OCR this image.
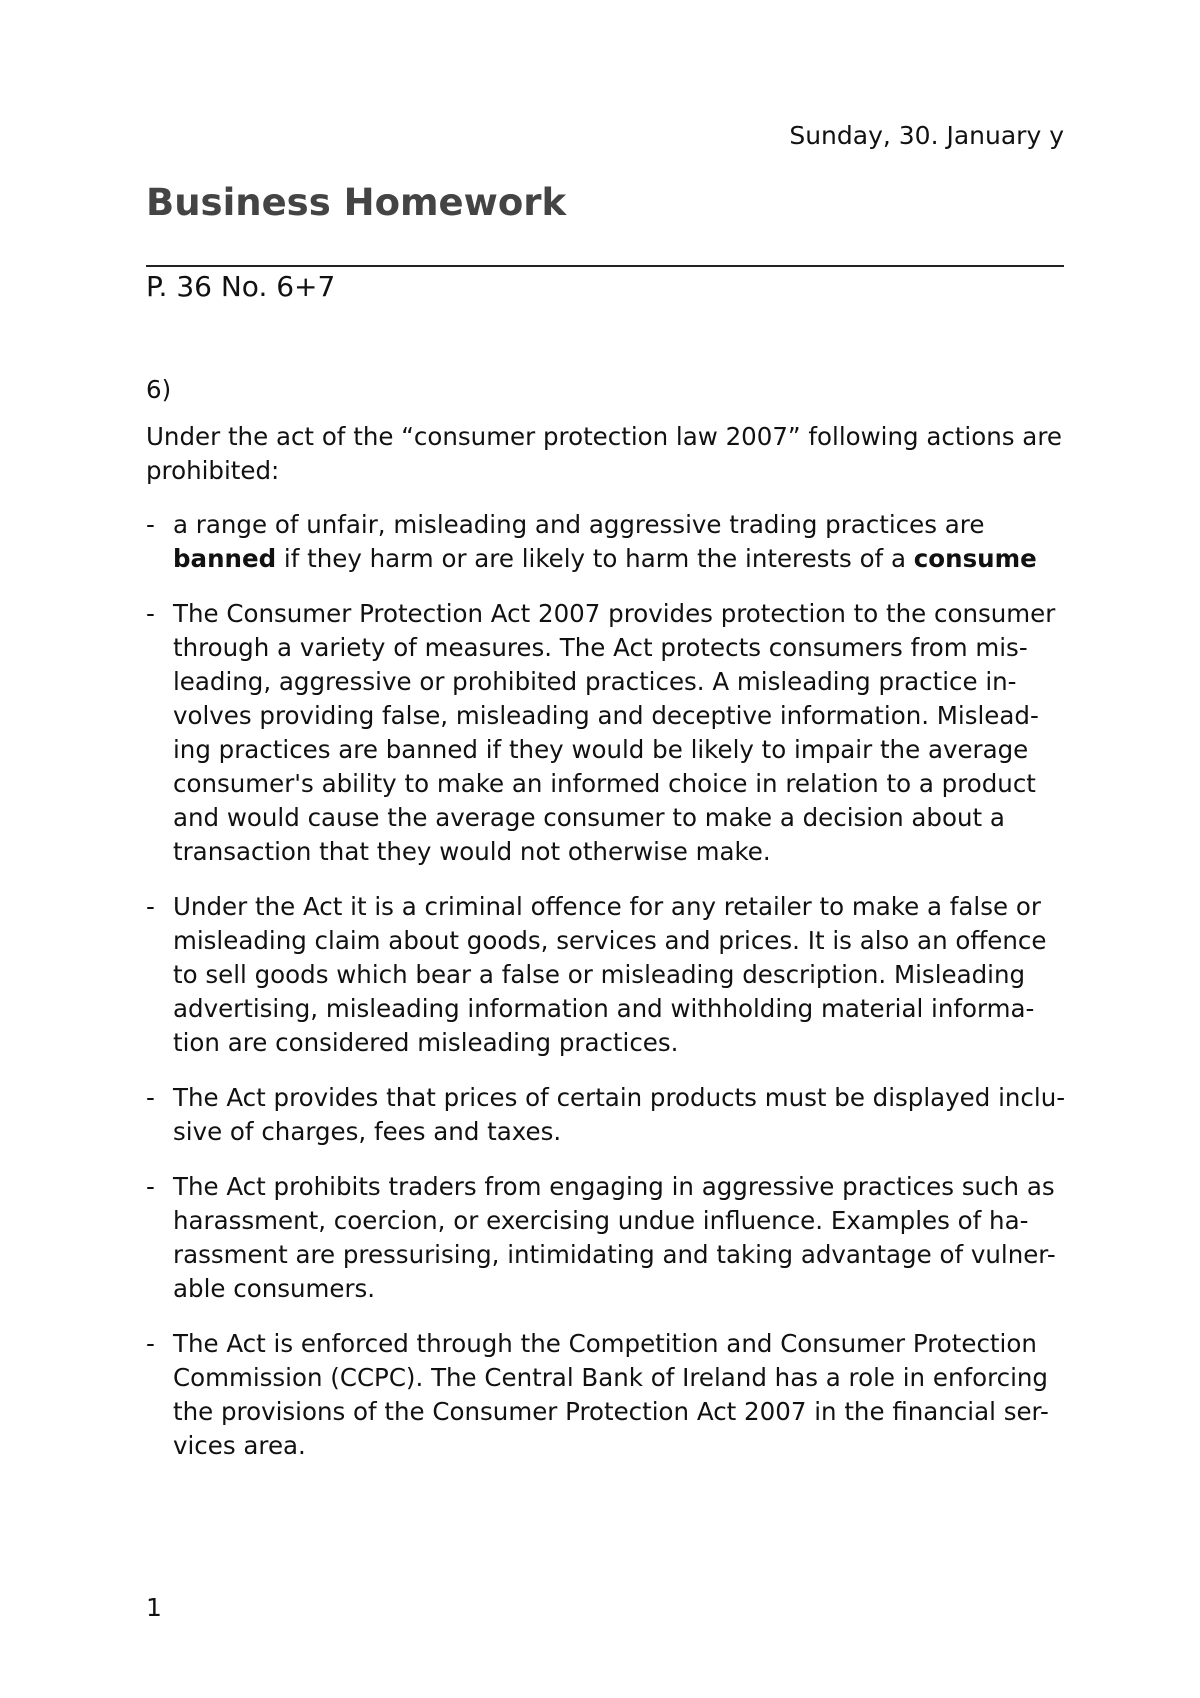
Sunday, 30. January y
Business Homework
P. 36 No. 6+7
6)
Under the act of the “consumer protection law 2007” following actions are prohibited:
- a range of unfair, misleading and aggressive trading practices are banned if they harm or are likely to harm the interests of a consume
- The Consumer Protection Act 2007 provides protection to the consumer through a variety of measures. The Act protects consumers from mis-leading, aggressive or prohibited practices. A misleading practice in-volves providing false, misleading and deceptive information. Mislead-ing practices are banned if they would be likely to impair the average consumer's ability to make an informed choice in relation to a product and would cause the average consumer to make a decision about a transaction that they would not otherwise make.
- Under the Act it is a criminal offence for any retailer to make a false or misleading claim about goods, services and prices. It is also an offence to sell goods which bear a false or misleading description. Misleading advertising, misleading information and withholding material informa-tion are considered misleading practices.
- The Act provides that prices of certain products must be displayed inclu-sive of charges, fees and taxes.
- The Act prohibits traders from engaging in aggressive practices such as harassment, coercion, or exercising undue influence. Examples of ha-rassment are pressurising, intimidating and taking advantage of vulner-able consumers.
- The Act is enforced through the Competition and Consumer Protection Commission (CCPC). The Central Bank of Ireland has a role in enforcing the provisions of the Consumer Protection Act 2007 in the financial ser-vices area.
1
